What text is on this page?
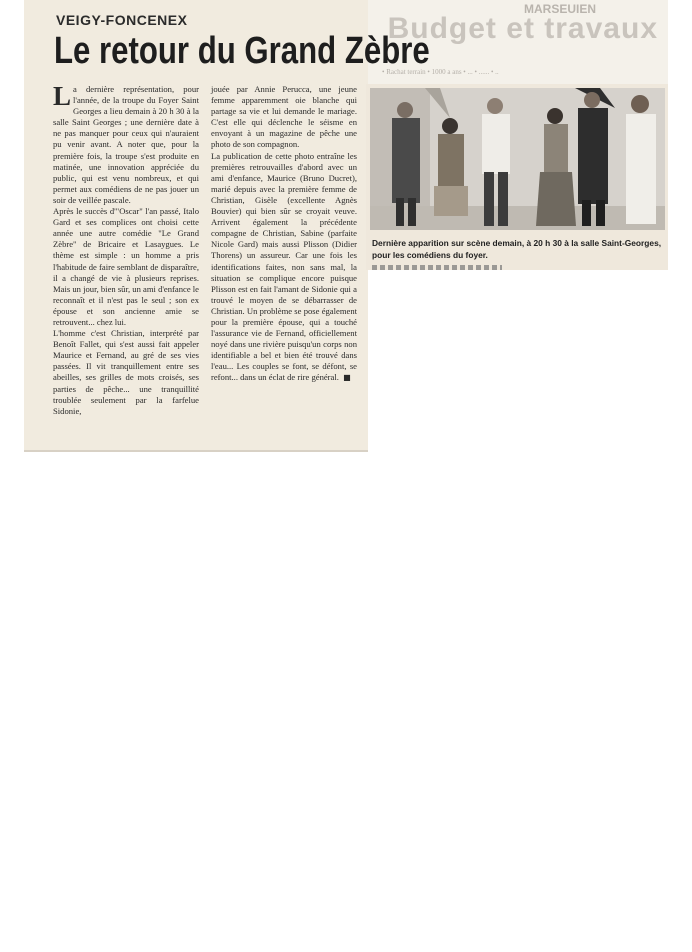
MARSEUIEN
Budget et travaux
• Rachat terrain • 1000 a ans • ... • ...... • ..
VEIGY-FONCENEX
Le retour du Grand Zèbre

La dernière représentation, pour l'année, de la troupe du Foyer Saint Georges a lieu demain à 20 h 30 à la salle Saint Georges ; une dernière date à ne pas manquer pour ceux qui n'auraient pu venir avant. A noter que, pour la première fois, la troupe s'est produite en matinée, une innovation appréciée du public, qui est venu nombreux, et qui permet aux comédiens de ne pas jouer un soir de veillée pascale.

Après le succès d'"Oscar" l'an passé, Italo Gard et ses complices ont choisi cette année une autre comédie "Le Grand Zèbre" de Bricaire et Lasaygues. Le thème est simple : un homme a pris l'habitude de faire semblant de disparaître, il a changé de vie à plusieurs reprises. Mais un jour, bien sûr, un ami d'enfance le reconnaît et il n'est pas le seul ; son ex épouse et son ancienne amie se retrouvent... chez lui.

L'homme c'est Christian, interprété par Benoît Fallet, qui s'est aussi fait appeler Maurice et Fernand, au gré de ses vies passées. Il vit tranquillement entre ses abeilles, ses grilles de mots croisés, ses parties de pêche... une tranquillité troublée seulement par la farfelue Sidonie,

jouée par Annie Perucca, une jeune femme apparemment oie blanche qui partage sa vie et lui demande le mariage. C'est elle qui déclenche le séisme en envoyant à un magazine de pêche une photo de son compagnon.

La publication de cette photo entraîne les premières retrouvailles d'abord avec un ami d'enfance, Maurice (Bruno Ducret), marié depuis avec la première femme de Christian, Gisèle (excellente Agnès Bouvier) qui bien sûr se croyait veuve. Arrivent également la précédente compagne de Christian, Sabine (parfaite Nicole Gard) mais aussi Plisson (Didier Thorens) un assureur. Car une fois les identifications faites, non sans mal, la situation se complique encore puisque Plisson est en fait l'amant de Sidonie qui a trouvé le moyen de se débarrasser de Christian. Un problème se pose également pour la première épouse, qui a touché l'assurance vie de Fernand, officiellement noyé dans une rivière puisqu'un corps non identifiable a bel et bien été trouvé dans l'eau... Les couples se font, se défont, se refont... dans un éclat de rire général. ■

Dernière apparition sur scène demain, à 20 h 30 à la salle Saint-Georges, pour les comédiens du foyer.
